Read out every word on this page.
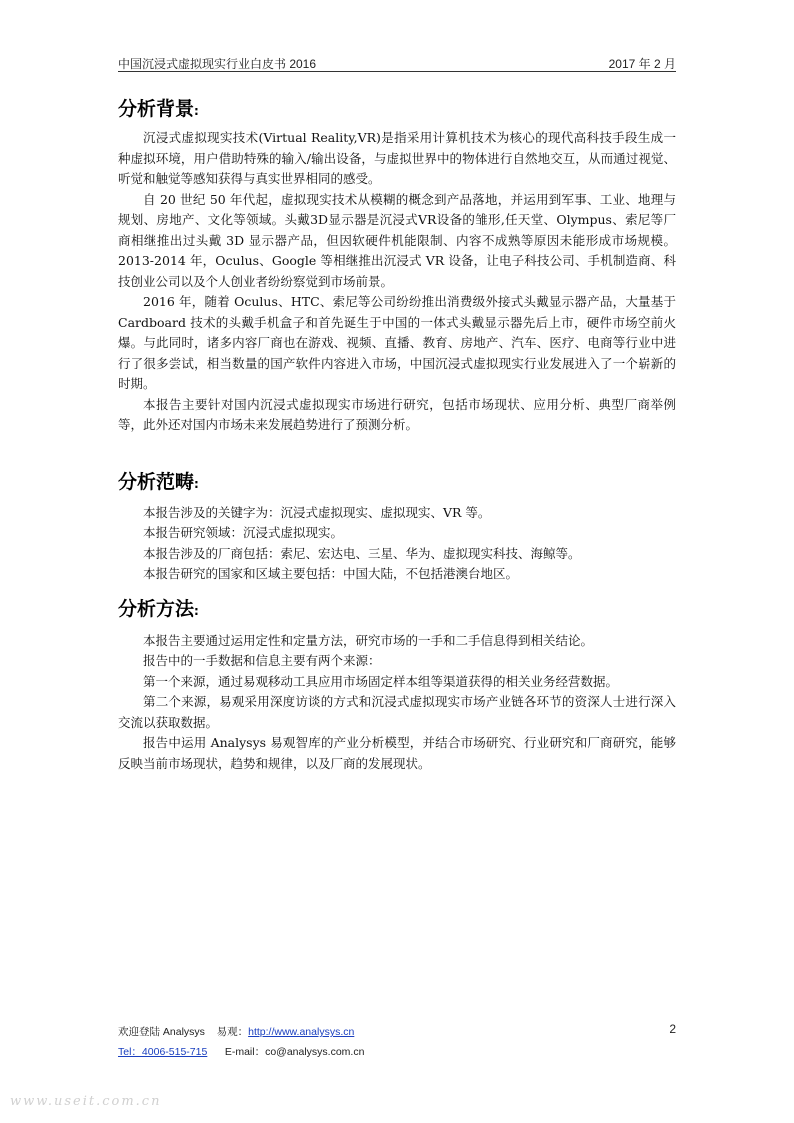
中国沉浸式虚拟现实行业白皮书 2016	2017 年 2 月
分析背景:

沉浸式虚拟现实技术(Virtual Reality,VR)是指采用计算机技术为核心的现代高科技手段生成一种虚拟环境，用户借助特殊的输入/输出设备，与虚拟世界中的物体进行自然地交互，从而通过视觉、听觉和触觉等感知获得与真实世界相同的感受。

自 20 世纪 50 年代起，虚拟现实技术从模糊的概念到产品落地，并运用到军事、工业、地理与规划、房地产、文化等领域。头戴3D显示器是沉浸式VR设备的雏形,任天堂、Olympus、索尼等厂商相继推出过头戴 3D 显示器产品，但因软硬件机能限制、内容不成熟等原因未能形成市场规模。2013-2014 年，Oculus、Google 等相继推出沉浸式 VR 设备，让电子科技公司、手机制造商、科技创业公司以及个人创业者纷纷察觉到市场前景。

2016 年，随着 Oculus、HTC、索尼等公司纷纷推出消费级外接式头戴显示器产品，大量基于 Cardboard 技术的头戴手机盒子和首先诞生于中国的一体式头戴显示器先后上市，硬件市场空前火爆。与此同时，诸多内容厂商也在游戏、视频、直播、教育、房地产、汽车、医疗、电商等行业中进行了很多尝试，相当数量的国产软件内容进入市场，中国沉浸式虚拟现实行业发展进入了一个崭新的时期。

本报告主要针对国内沉浸式虚拟现实市场进行研究，包括市场现状、应用分析、典型厂商举例等，此外还对国内市场未来发展趋势进行了预测分析。

分析范畴:

本报告涉及的关键字为：沉浸式虚拟现实、虚拟现实、VR 等。

本报告研究领域：沉浸式虚拟现实。

本报告涉及的厂商包括：索尼、宏达电、三星、华为、虚拟现实科技、海鲸等。

本报告研究的国家和区域主要包括：中国大陆，不包括港澳台地区。

分析方法:

本报告主要通过运用定性和定量方法，研究市场的一手和二手信息得到相关结论。

报告中的一手数据和信息主要有两个来源：

第一个来源，通过易观移动工具应用市场固定样本组等渠道获得的相关业务经营数据。

第二个来源，易观采用深度访谈的方式和沉浸式虚拟现实市场产业链各环节的资深人士进行深入交流以获取数据。

报告中运用 Analysys 易观智库的产业分析模型，并结合市场研究、行业研究和厂商研究，能够反映当前市场现状，趋势和规律，以及厂商的发展现状。

欢迎登陆 Analysys 易观：http://www.analysys.cn
Tel：4006-515-715 E-mail：co@analysys.com.cn
2
www.useit.com.cn
